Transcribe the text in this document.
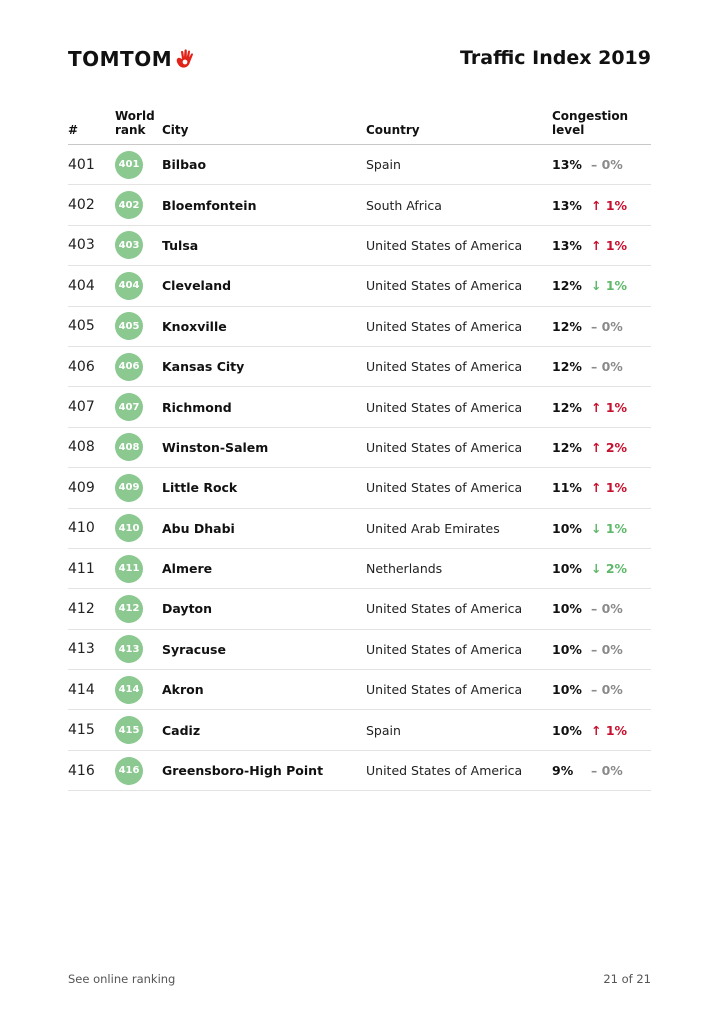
TOMTOM	Traffic Index 2019
#
World
rank	City	Country
Congestion level
401	401 Bilbao	Spain	13% – 0%
402	402 Bloemfontein	South Africa	13% ↑ 1%
403	403 Tulsa	United States of America 13% ↑ 1%
404	404 Cleveland	United States of America 12% ↓ 1%
405	405 Knoxville	United States of America 12% – 0%
406	406 Kansas City	United States of America 12% – 0%
407	407 Richmond	United States of America 12% ↑ 1%
408	408 Winston-Salem	United States of America 12% ↑ 2%
409	409 Little Rock	United States of America 11% ↑ 1%
410	410 Abu Dhabi	United Arab Emirates	10% ↓ 1%
411	411 Almere	Netherlands	10% ↓ 2%
412	412 Dayton	United States of America 10% – 0%
413	413 Syracuse	United States of America 10% – 0%
414	414 Akron	United States of America 10% – 0%
415	415 Cadiz	Spain	10% ↑ 1%
416	416 Greensboro-High Point	United States of America 9% – 0%
See online ranking	21 of 21
